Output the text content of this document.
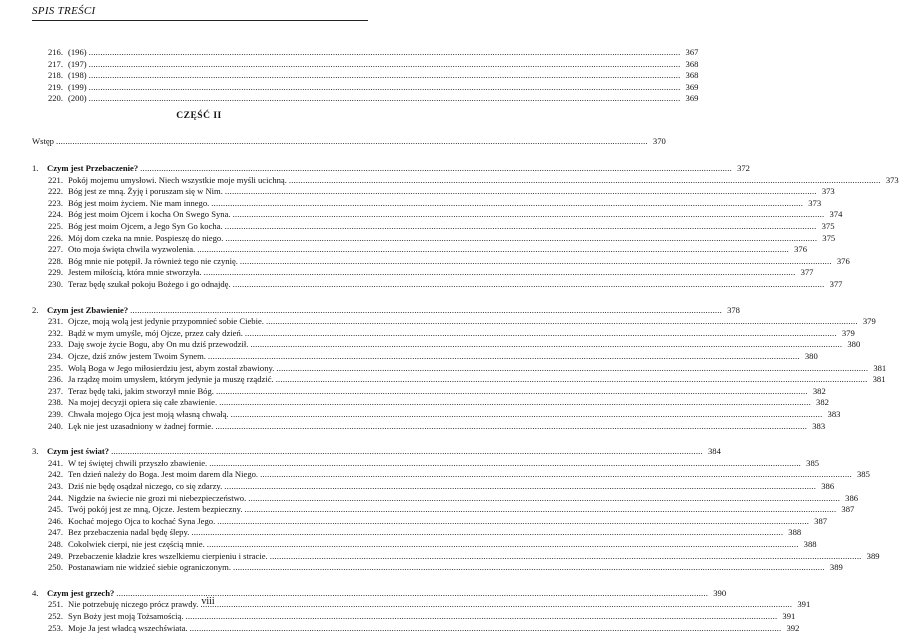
SPIS TREŚCI
CZĘŚĆ II
216. (196) .....	367
217. (197) .....	368
218. (198) .....	368
219. (199) .....	369
220. (200) .....	369
Wstęp .....	370
1. Czym jest Przebaczenie? .....	372
221. Pokój mojemu umysłowi. Niech wszystkie moje myśli ucichną. .....	373
222. Bóg jest ze mną. Żyję i poruszam się w Nim. .....	373
223. Bóg jest moim życiem. Nie mam innego. .....	373
224. Bóg jest moim Ojcem i kocha On Swego Syna. .....	374
225. Bóg jest moim Ojcem, a Jego Syn Go kocha. .....	375
226. Mój dom czeka na mnie. Pospieszę do niego. .....	375
227. Oto moja święta chwila wyzwolenia. .....	376
228. Bóg mnie nie potępił. Ja również tego nie czynię. .....	376
229. Jestem miłością, która mnie stworzyła. .....	377
230. Teraz będę szukał pokoju Bożego i go odnajdę. .....	377
2. Czym jest Zbawienie? .....	378
231. Ojcze, moją wolą jest jedynie przypomnieć sobie Ciebie. .....	379
232. Bądź w mym umyśle, mój Ojcze, przez cały dzień. .....	379
233. Daję swoje życie Bogu, aby On mu dziś przewodził. .....	380
234. Ojcze, dziś znów jestem Twoim Synem. .....	380
235. Wolą Boga w Jego miłosierdziu jest, abym został zbawiony. .....	381
236. Ja rządzę moim umysłem, którym jedynie ja muszę rządzić. .....	381
237. Teraz będę taki, jakim stworzył mnie Bóg. .....	382
238. Na mojej decyzji opiera się całe zbawienie. .....	382
239. Chwała mojego Ojca jest moją własną chwałą. .....	383
240. Lęk nie jest uzasadniony w żadnej formie. .....	383
3. Czym jest świat? .....	384
241. W tej świętej chwili przyszło zbawienie. .....	385
242. Ten dzień należy do Boga. Jest moim darem dla Niego. .....	385
243. Dziś nie będę osądzał niczego, co się zdarzy. .....	386
244. Nigdzie na świecie nie grozi mi niebezpieczeństwo. .....	386
245. Twój pokój jest ze mną, Ojcze. Jestem bezpieczny. .....	387
246. Kochać mojego Ojca to kochać Syna Jego. .....	387
247. Bez przebaczenia nadal będę ślepy. .....	388
248. Cokolwiek cierpi, nie jest częścią mnie. .....	388
249. Przebaczenie kładzie kres wszelkiemu cierpieniu i stracie. .....	389
250. Postanawiam nie widzieć siebie ograniczonym. .....	389
4. Czym jest grzech? .....	390
251. Nie potrzebuję niczego prócz prawdy. .....	391
252. Syn Boży jest moją Tożsamością. .....	391
253. Moje Ja jest władcą wszechświata. .....	392
viii
